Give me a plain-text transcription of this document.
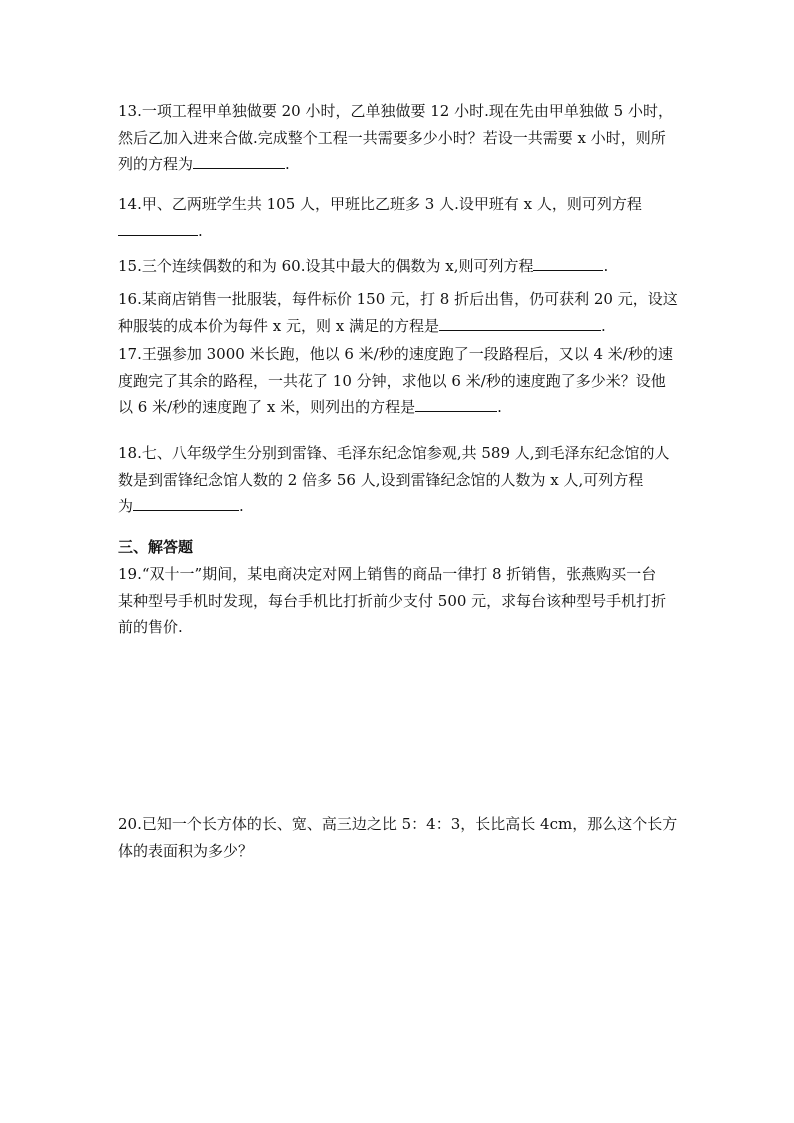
13.一项工程甲单独做要 20 小时，乙单独做要 12 小时.现在先由甲单独做 5 小时，
然后乙加入进来合做.完成整个工程一共需要多少小时？若设一共需要 x 小时，则所
列的方程为	.
14.甲、乙两班学生共 105 人，甲班比乙班多 3 人.设甲班有 x 人，则可列方程
.
15.三个连续偶数的和为 60.设其中最大的偶数为 x,则可列方程	.
16.某商店销售一批服装，每件标价 150 元，打 8 折后出售，仍可获利 20 元，设这
种服装的成本价为每件 x 元，则 x 满足的方程是	.
17.王强参加 3000 米长跑，他以 6 米/秒的速度跑了一段路程后，又以 4 米/秒的速
度跑完了其余的路程，一共花了 10 分钟，求他以 6 米/秒的速度跑了多少米？设他
以 6 米/秒的速度跑了 x 米，则列出的方程是	.
18.七、八年级学生分别到雷锋、毛泽东纪念馆参观,共 589 人,到毛泽东纪念馆的人
数是到雷锋纪念馆人数的 2 倍多 56 人,设到雷锋纪念馆的人数为 x 人,可列方程
为	.
三、解答题
19.“双十一”期间，某电商决定对网上销售的商品一律打 8 折销售，张燕购买一台
某种型号手机时发现，每台手机比打折前少支付 500 元，求每台该种型号手机打折
前的售价.
20.已知一个长方体的长、宽、高三边之比 5：4：3，长比高长 4cm，那么这个长方
体的表面积为多少？
